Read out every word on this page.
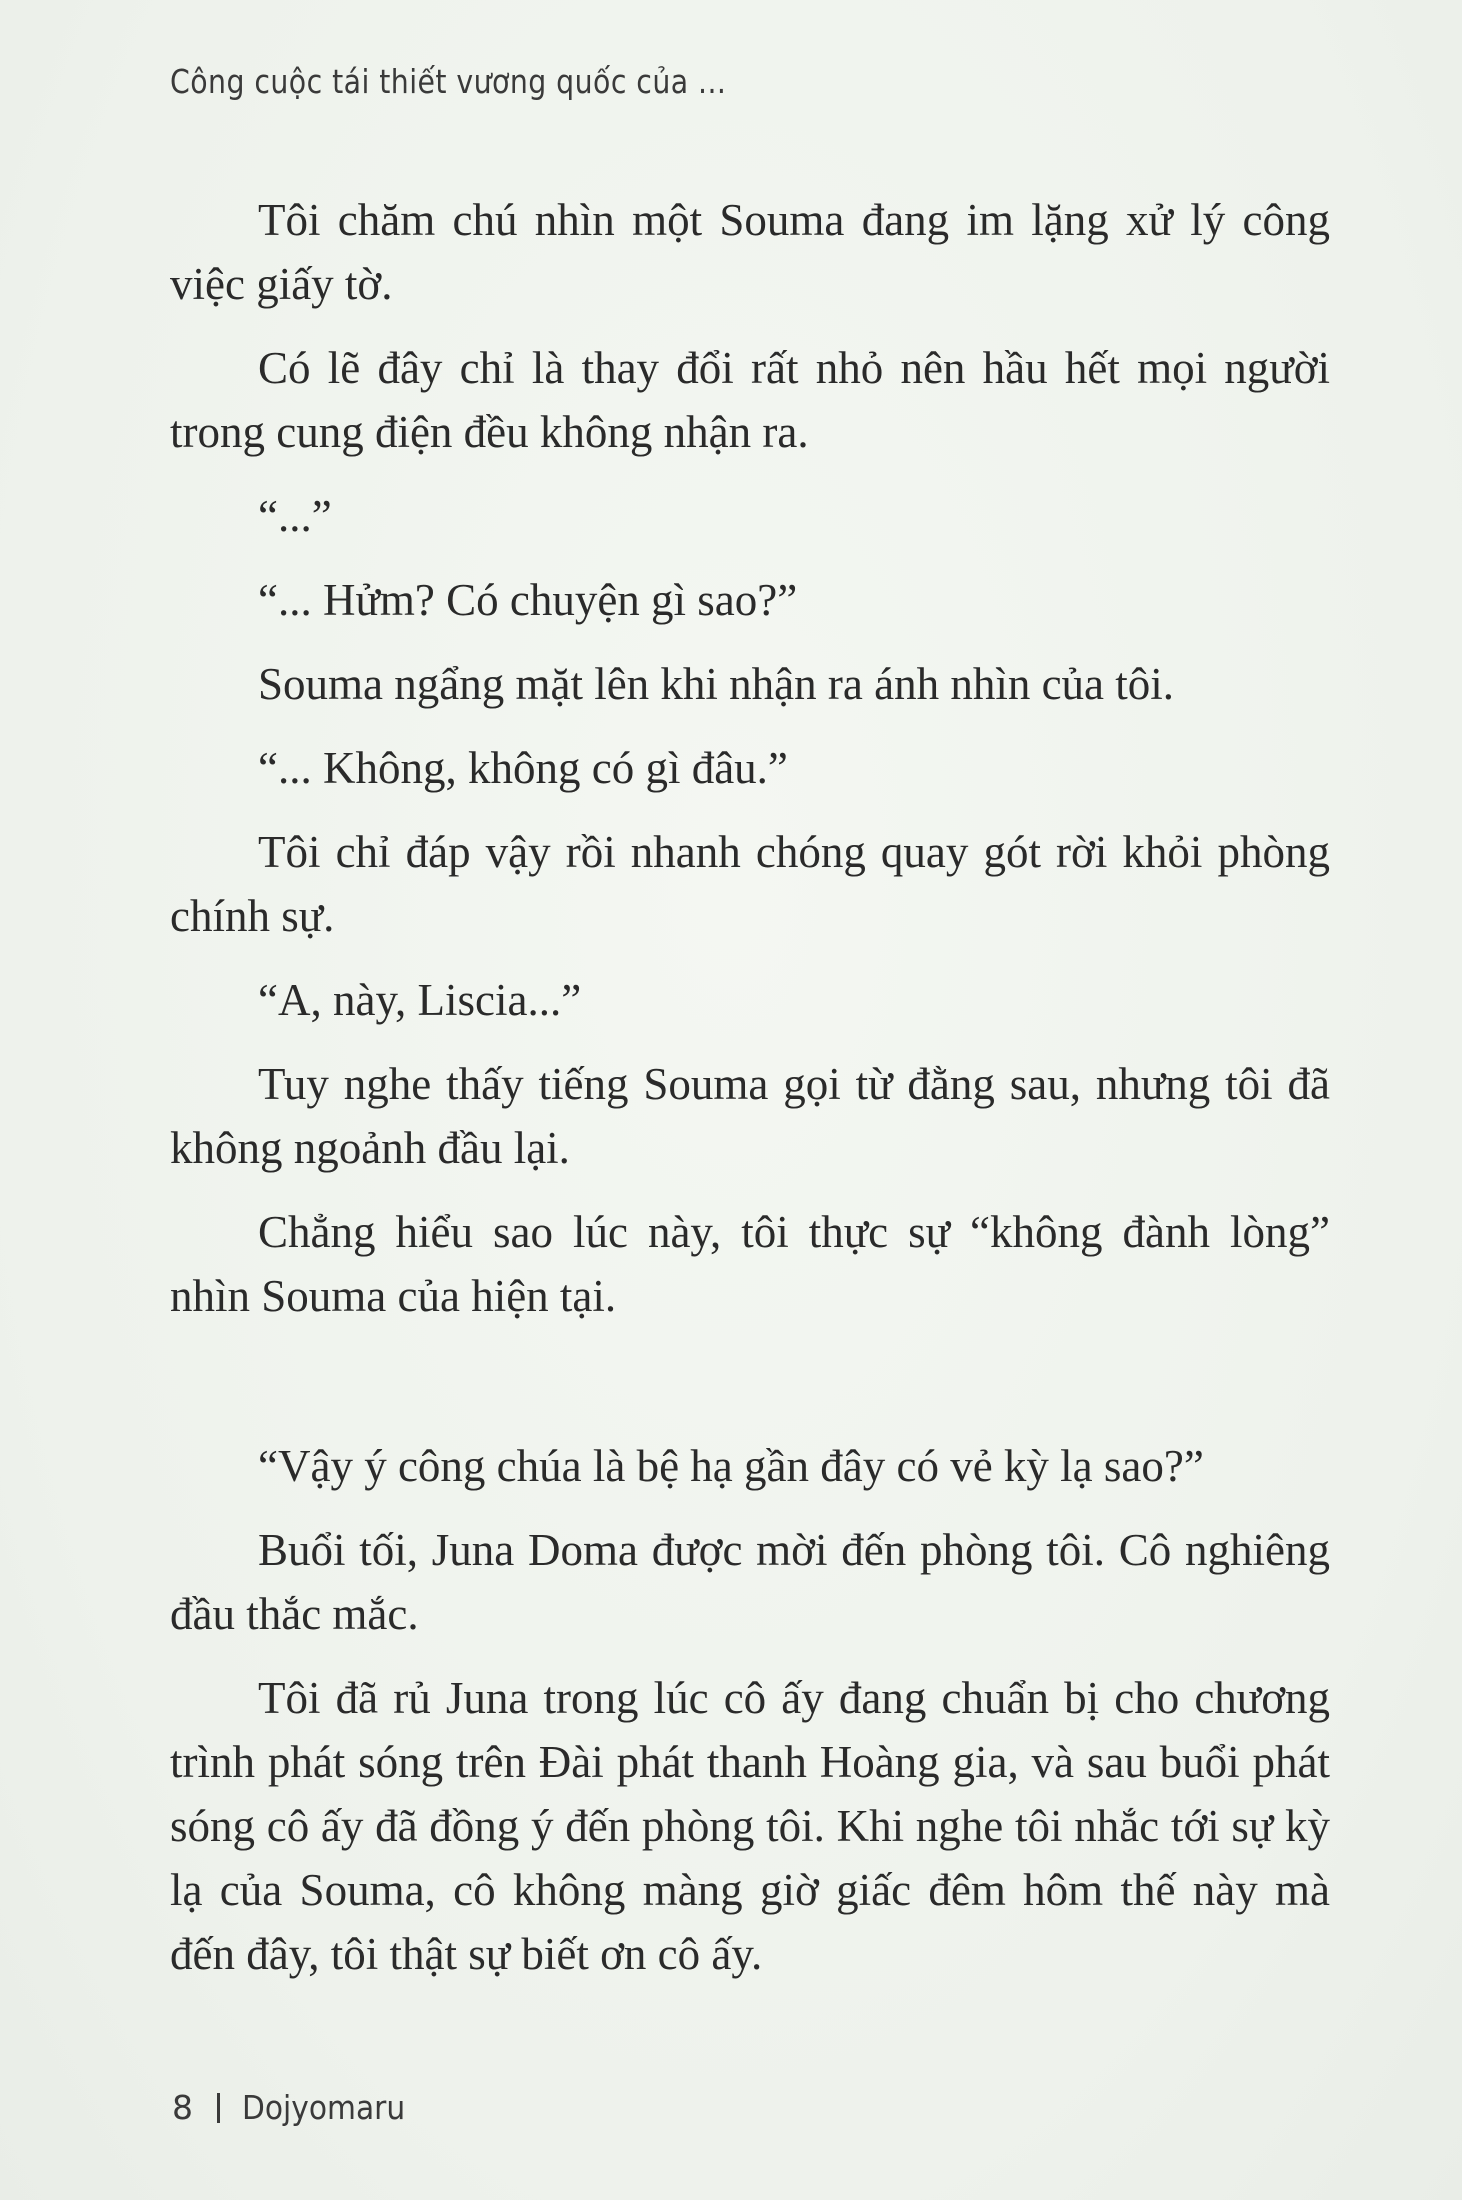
Công cuộc tái thiết vương quốc của ...

Tôi chăm chú nhìn một Souma đang im lặng xử lý công việc giấy tờ.

Có lẽ đây chỉ là thay đổi rất nhỏ nên hầu hết mọi người trong cung điện đều không nhận ra.

“...”

“... Hửm? Có chuyện gì sao?”

Souma ngẩng mặt lên khi nhận ra ánh nhìn của tôi.

“... Không, không có gì đâu.”

Tôi chỉ đáp vậy rồi nhanh chóng quay gót rời khỏi phòng chính sự.

“A, này, Liscia...”

Tuy nghe thấy tiếng Souma gọi từ đằng sau, nhưng tôi đã không ngoảnh đầu lại.

Chẳng hiểu sao lúc này, tôi thực sự “không đành lòng” nhìn Souma của hiện tại.

“Vậy ý công chúa là bệ hạ gần đây có vẻ kỳ lạ sao?”

Buổi tối, Juna Doma được mời đến phòng tôi. Cô nghiêng đầu thắc mắc.

Tôi đã rủ Juna trong lúc cô ấy đang chuẩn bị cho chương trình phát sóng trên Đài phát thanh Hoàng gia, và sau buổi phát sóng cô ấy đã đồng ý đến phòng tôi. Khi nghe tôi nhắc tới sự kỳ lạ của Souma, cô không màng giờ giấc đêm hôm thế này mà đến đây, tôi thật sự biết ơn cô ấy.

8 Dojyomaru
